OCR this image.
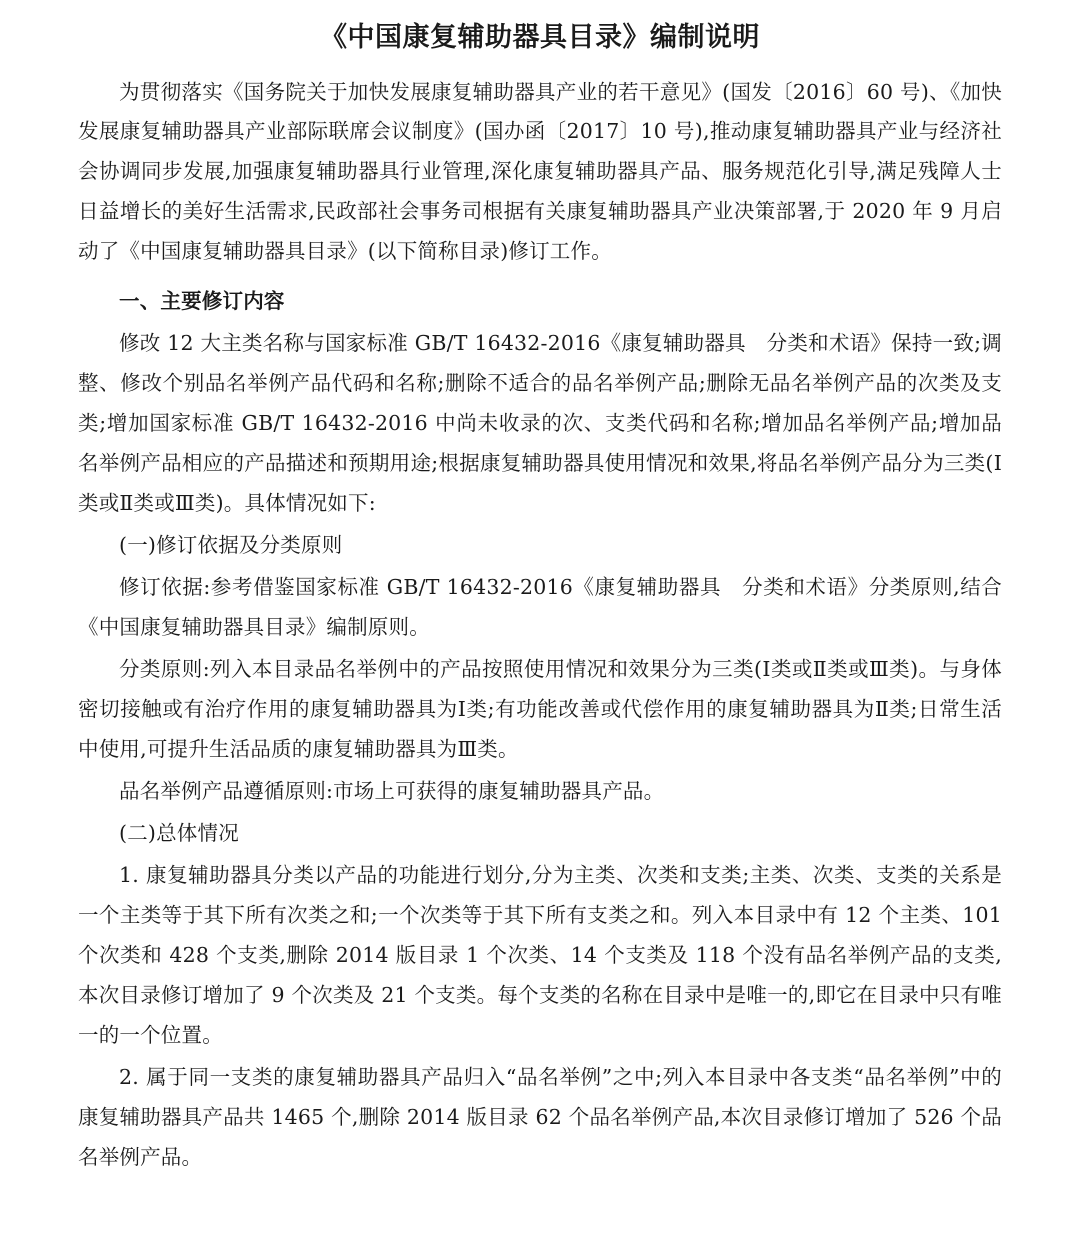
《中国康复辅助器具目录》编制说明

为贯彻落实《国务院关于加快发展康复辅助器具产业的若干意见》(国发〔2016〕60 号)、《加快发展康复辅助器具产业部际联席会议制度》(国办函〔2017〕10 号),推动康复辅助器具产业与经济社会协调同步发展,加强康复辅助器具行业管理,深化康复辅助器具产品、服务规范化引导,满足残障人士日益增长的美好生活需求,民政部社会事务司根据有关康复辅助器具产业决策部署,于 2020 年 9 月启动了《中国康复辅助器具目录》(以下简称目录)修订工作。

一、主要修订内容

修改 12 大主类名称与国家标准 GB/T 16432-2016《康复辅助器具　分类和术语》保持一致;调整、修改个别品名举例产品代码和名称;删除不适合的品名举例产品;删除无品名举例产品的次类及支类;增加国家标准 GB/T 16432-2016 中尚未收录的次、支类代码和名称;增加品名举例产品;增加品名举例产品相应的产品描述和预期用途;根据康复辅助器具使用情况和效果,将品名举例产品分为三类(Ⅰ类或Ⅱ类或Ⅲ类)。具体情况如下:

(一)修订依据及分类原则

修订依据:参考借鉴国家标准 GB/T 16432-2016《康复辅助器具　分类和术语》分类原则,结合《中国康复辅助器具目录》编制原则。

分类原则:列入本目录品名举例中的产品按照使用情况和效果分为三类(Ⅰ类或Ⅱ类或Ⅲ类)。与身体密切接触或有治疗作用的康复辅助器具为Ⅰ类;有功能改善或代偿作用的康复辅助器具为Ⅱ类;日常生活中使用,可提升生活品质的康复辅助器具为Ⅲ类。

品名举例产品遵循原则:市场上可获得的康复辅助器具产品。

(二)总体情况

1. 康复辅助器具分类以产品的功能进行划分,分为主类、次类和支类;主类、次类、支类的关系是一个主类等于其下所有次类之和;一个次类等于其下所有支类之和。列入本目录中有 12 个主类、101 个次类和 428 个支类,删除 2014 版目录 1 个次类、14 个支类及 118 个没有品名举例产品的支类,本次目录修订增加了 9 个次类及 21 个支类。每个支类的名称在目录中是唯一的,即它在目录中只有唯一的一个位置。

2. 属于同一支类的康复辅助器具产品归入“品名举例”之中;列入本目录中各支类“品名举例”中的康复辅助器具产品共 1465 个,删除 2014 版目录 62 个品名举例产品,本次目录修订增加了 526 个品名举例产品。
